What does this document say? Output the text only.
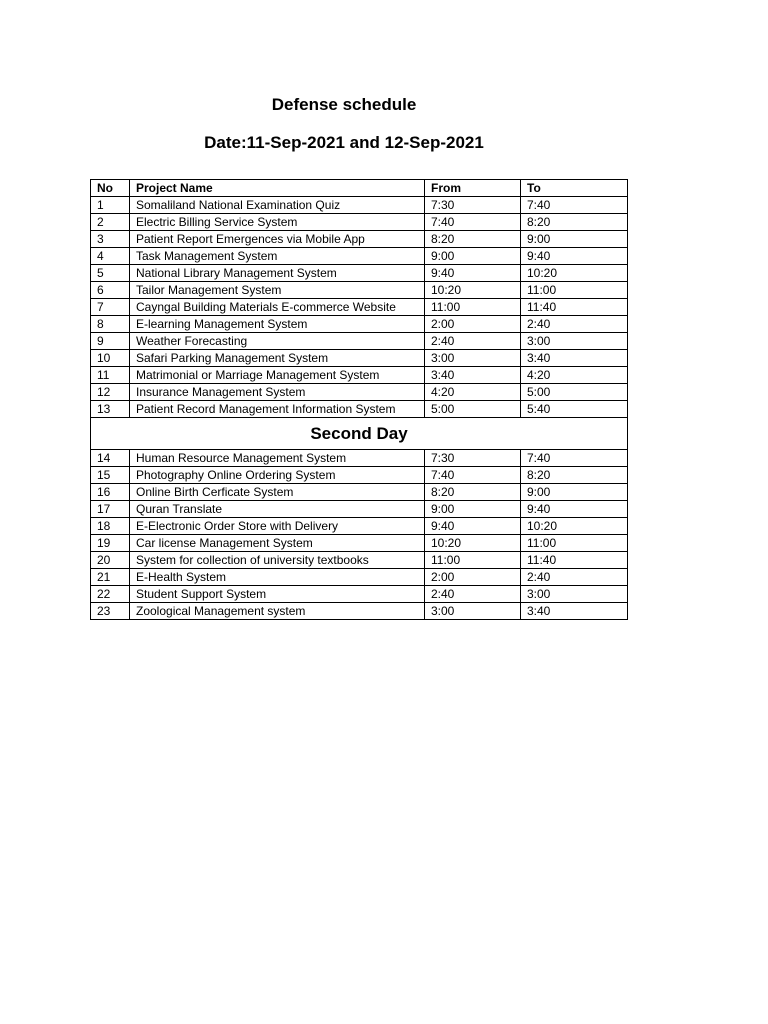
Defense schedule
Date:11-Sep-2021 and 12-Sep-2021
No	Project Name	From	To
1	Somaliland National Examination Quiz	7:30	7:40
2	Electric Billing Service System	7:40	8:20
3	Patient Report Emergences via Mobile App	8:20	9:00
4	Task Management System	9:00	9:40
5	National Library Management System	9:40	10:20
6	Tailor Management System	10:20	11:00
7	Cayngal Building Materials E-commerce Website	11:00	11:40
8	E-learning Management System	2:00	2:40
9	Weather Forecasting	2:40	3:00
10	Safari Parking Management System	3:00	3:40
11	Matrimonial or Marriage Management System	3:40	4:20
12	Insurance Management System	4:20	5:00
13	Patient Record Management Information System	5:00	5:40
Second Day			
14	Human Resource Management System	7:30	7:40
15	Photography Online Ordering System	7:40	8:20
16	Online Birth Cerficate System	8:20	9:00
17	Quran Translate	9:00	9:40
18	E-Electronic Order Store with Delivery	9:40	10:20
19	Car license Management System	10:20	11:00
20	System for collection of university textbooks	11:00	11:40
21	E-Health System	2:00	2:40
22	Student Support System	2:40	3:00
23	Zoological Management system	3:00	3:40
